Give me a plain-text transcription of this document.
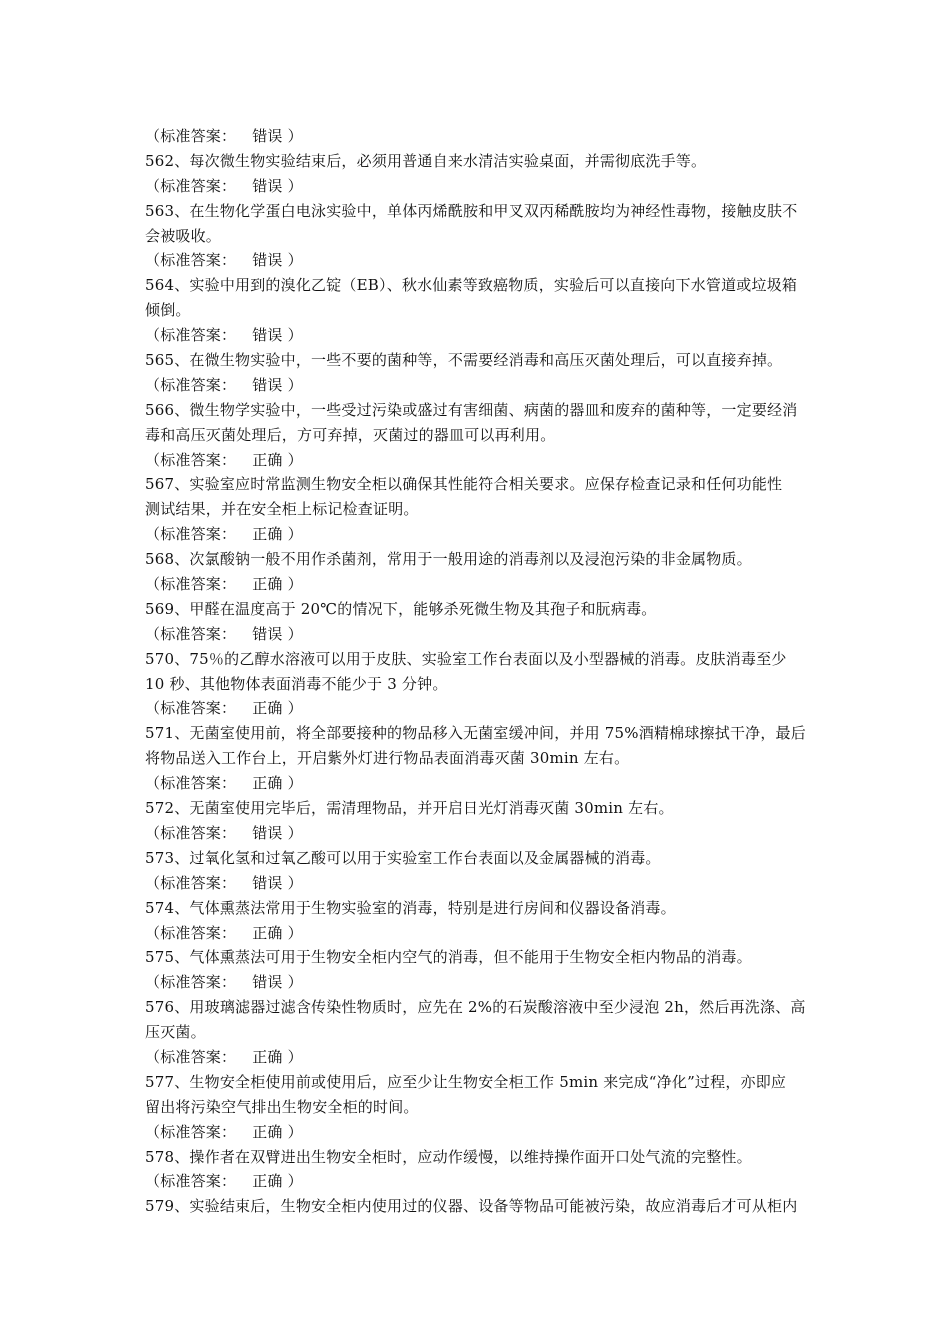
（标准答案： 错误 ）
562、每次微生物实验结束后，必须用普通自来水清洁实验桌面，并需彻底洗手等。
（标准答案： 错误 ）
563、在生物化学蛋白电泳实验中，单体丙烯酰胺和甲叉双丙稀酰胺均为神经性毒物，接触皮肤不
会被吸收。
（标准答案： 错误 ）
564、实验中用到的溴化乙锭（EB）、秋水仙素等致癌物质，实验后可以直接向下水管道或垃圾箱
倾倒。
（标准答案： 错误 ）
565、在微生物实验中，一些不要的菌种等，不需要经消毒和高压灭菌处理后，可以直接弃掉。
（标准答案： 错误 ）
566、微生物学实验中，一些受过污染或盛过有害细菌、病菌的器皿和废弃的菌种等，一定要经消
毒和高压灭菌处理后，方可弃掉，灭菌过的器皿可以再利用。
（标准答案： 正确 ）
567、实验室应时常监测生物安全柜以确保其性能符合相关要求。应保存检查记录和任何功能性
测试结果，并在安全柜上标记检查证明。
（标准答案： 正确 ）
568、次氯酸钠一般不用作杀菌剂，常用于一般用途的消毒剂以及浸泡污染的非金属物质。
（标准答案： 正确 ）
569、甲醛在温度高于 20℃的情况下，能够杀死微生物及其孢子和朊病毒。
（标准答案： 错误 ）
570、75％的乙醇水溶液可以用于皮肤、实验室工作台表面以及小型器械的消毒。皮肤消毒至少
10 秒、其他物体表面消毒不能少于 3 分钟。
（标准答案： 正确 ）
571、无菌室使用前，将全部要接种的物品移入无菌室缓冲间，并用 75%酒精棉球擦拭干净，最后
将物品送入工作台上，开启紫外灯进行物品表面消毒灭菌 30min 左右。
（标准答案： 正确 ）
572、无菌室使用完毕后，需清理物品，并开启日光灯消毒灭菌 30min 左右。
（标准答案： 错误 ）
573、过氧化氢和过氧乙酸可以用于实验室工作台表面以及金属器械的消毒。
（标准答案： 错误 ）
574、气体熏蒸法常用于生物实验室的消毒，特别是进行房间和仪器设备消毒。
（标准答案： 正确 ）
575、气体熏蒸法可用于生物安全柜内空气的消毒，但不能用于生物安全柜内物品的消毒。
（标准答案： 错误 ）
576、用玻璃滤器过滤含传染性物质时，应先在 2%的石炭酸溶液中至少浸泡 2h，然后再洗涤、高
压灭菌。
（标准答案： 正确 ）
577、生物安全柜使用前或使用后，应至少让生物安全柜工作 5min 来完成“净化”过程，亦即应
留出将污染空气排出生物安全柜的时间。
（标准答案： 正确 ）
578、操作者在双臂进出生物安全柜时，应动作缓慢，以维持操作面开口处气流的完整性。
（标准答案： 正确 ）
579、实验结束后，生物安全柜内使用过的仪器、设备等物品可能被污染，故应消毒后才可从柜内
